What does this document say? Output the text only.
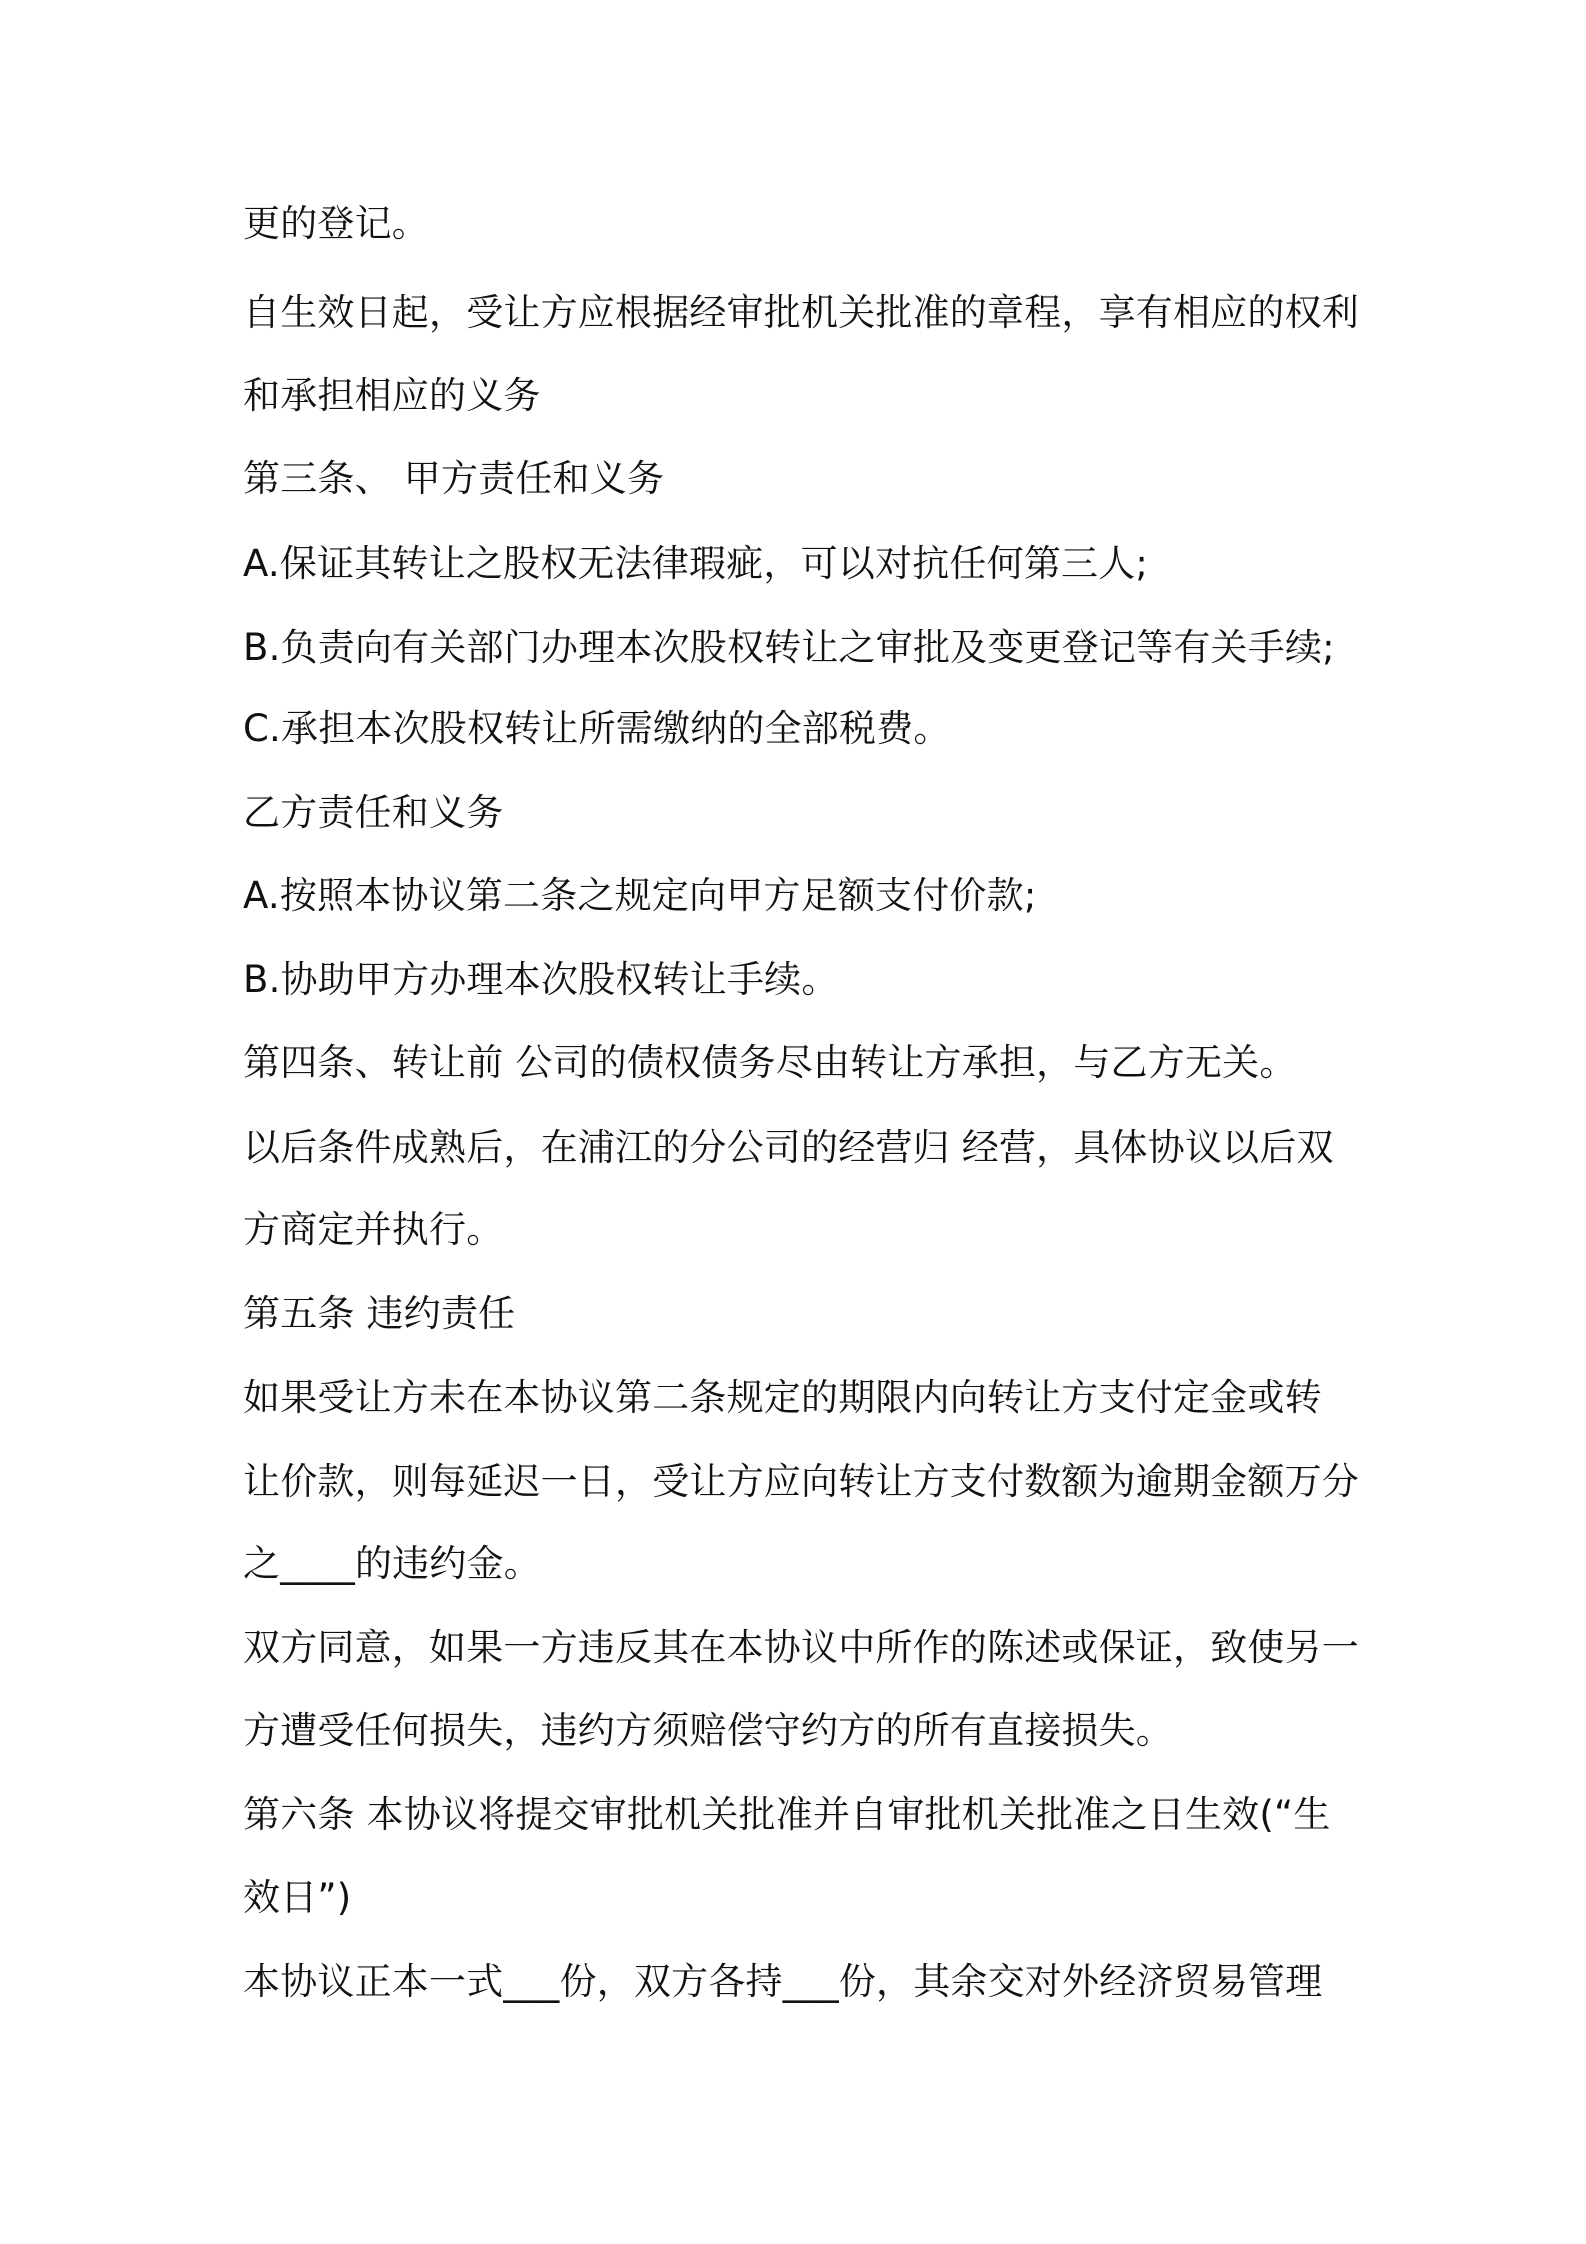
更的登记。

自生效日起，受让方应根据经审批机关批准的章程，享有相应的权利

和承担相应的义务

第三条、 甲方责任和义务

A.保证其转让之股权无法律瑕疵，可以对抗任何第三人;

B.负责向有关部门办理本次股权转让之审批及变更登记等有关手续;

C.承担本次股权转让所需缴纳的全部税费。

乙方责任和义务

A.按照本协议第二条之规定向甲方足额支付价款;

B.协助甲方办理本次股权转让手续。

第四条、转让前 公司的债权债务尽由转让方承担，与乙方无关。

以后条件成熟后，在浦江的分公司的经营归 经营，具体协议以后双

方商定并执行。

第五条 违约责任

如果受让方未在本协议第二条规定的期限内向转让方支付定金或转

让价款，则每延迟一日，受让方应向转让方支付数额为逾期金额万分

之____的违约金。

双方同意，如果一方违反其在本协议中所作的陈述或保证，致使另一

方遭受任何损失，违约方须赔偿守约方的所有直接损失。

第六条 本协议将提交审批机关批准并自审批机关批准之日生效(“生

效日”)

本协议正本一式___份，双方各持___份，其余交对外经济贸易管理
